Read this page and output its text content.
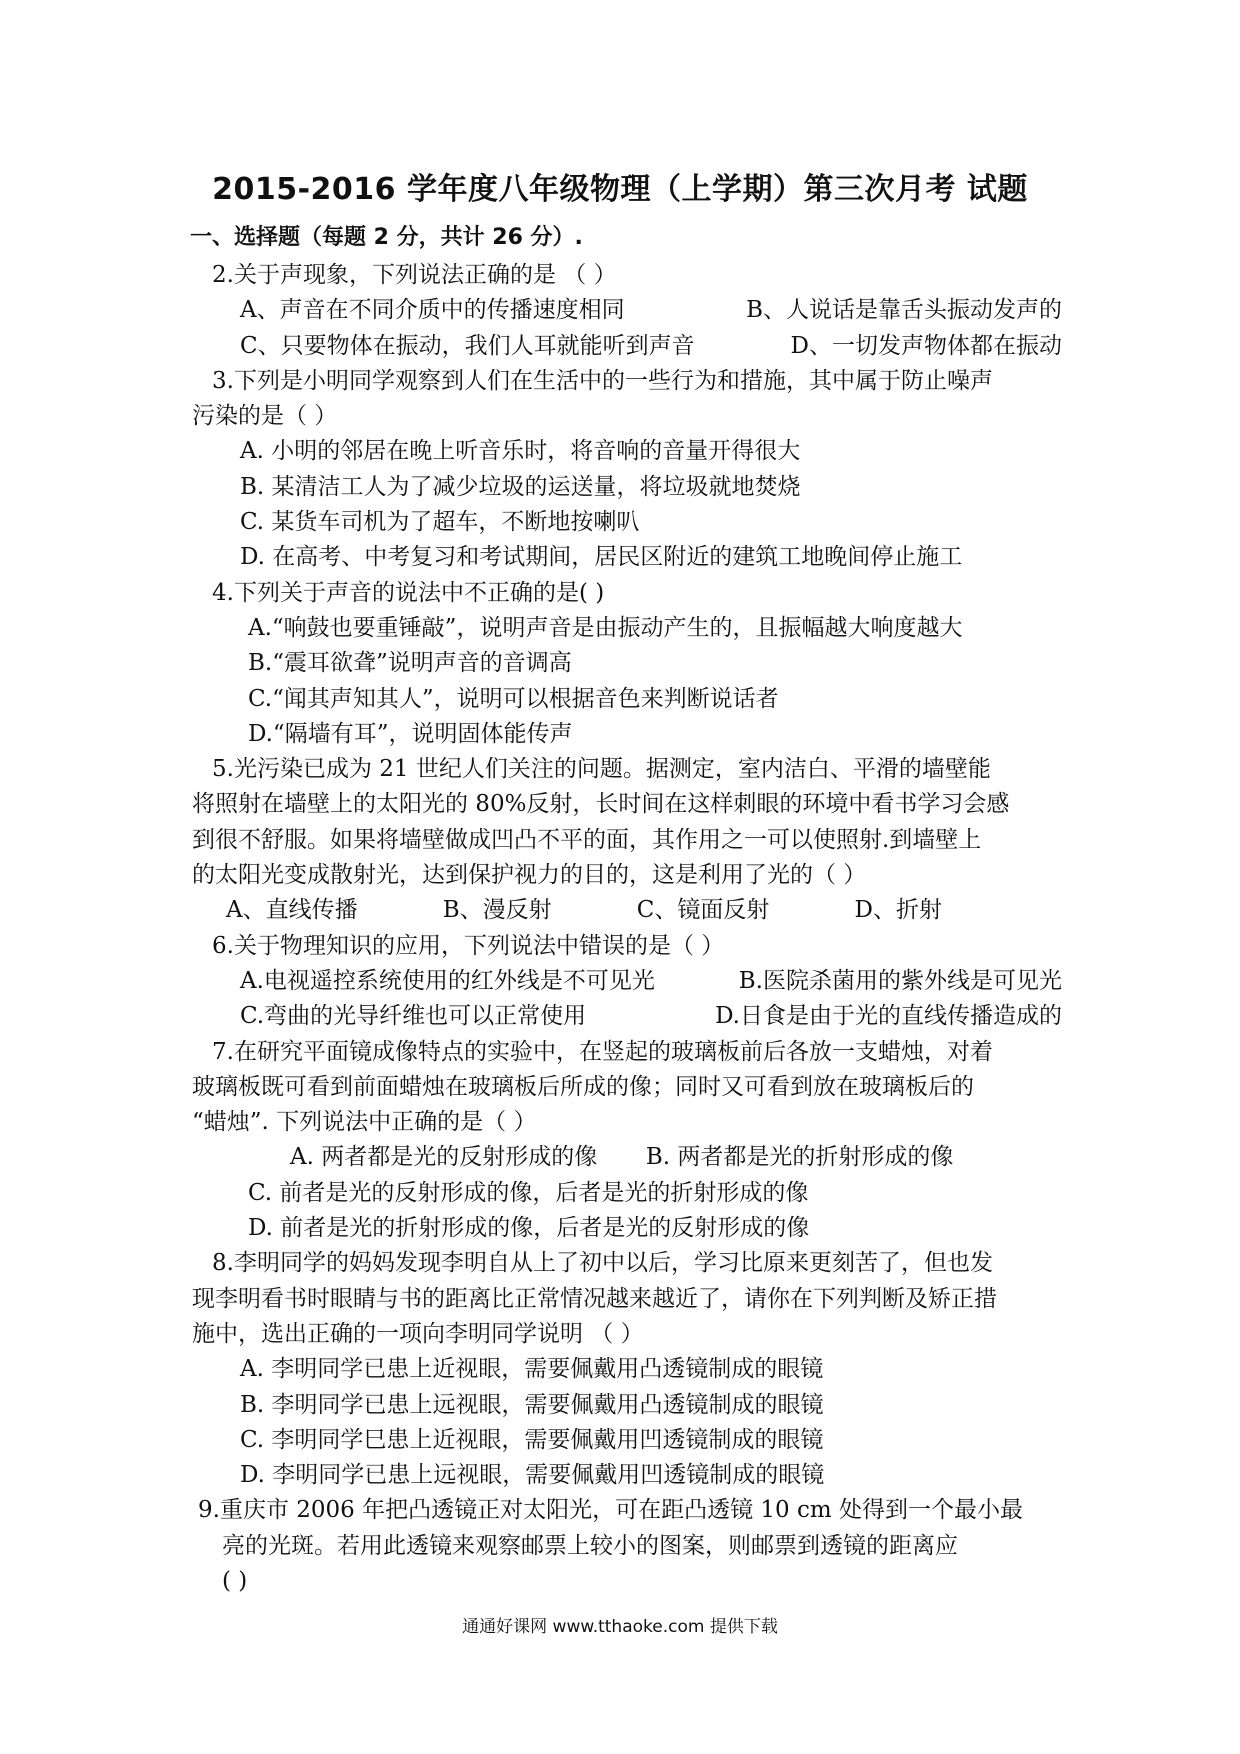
2015-2016 学年度八年级物理（上学期）第三次月考 试题
一、选择题（每题 2 分，共计 26 分）.
2.关于声现象，下列说法正确的是 （ ）
A、声音在不同介质中的传播速度相同	B、人说话是靠舌头振动发声的
C、只要物体在振动，我们人耳就能听到声音	D、一切发声物体都在振动
3.下列是小明同学观察到人们在生活中的一些行为和措施，其中属于防止噪声
污染的是（ ）
A. 小明的邻居在晚上听音乐时，将音响的音量开得很大
B. 某清洁工人为了减少垃圾的运送量，将垃圾就地焚烧
C. 某货车司机为了超车，不断地按喇叭
D. 在高考、中考复习和考试期间，居民区附近的建筑工地晚间停止施工
4.下列关于声音的说法中不正确的是( )
A.“响鼓也要重锤敲”，说明声音是由振动产生的，且振幅越大响度越大
B.“震耳欲聋”说明声音的音调高
C.“闻其声知其人”，说明可以根据音色来判断说话者
D.“隔墙有耳”，说明固体能传声
5.光污染已成为 21 世纪人们关注的问题。据测定，室内洁白、平滑的墙壁能
将照射在墙壁上的太阳光的 80%反射，长时间在这样刺眼的环境中看书学习会感
到很不舒服。如果将墙壁做成凹凸不平的面，其作用之一可以使照射.到墙壁上
的太阳光变成散射光，达到保护视力的目的，这是利用了光的（ ）
A、直线传播	B、漫反射	C、镜面反射	D、折射
6.关于物理知识的应用，下列说法中错误的是（ ）
A.电视遥控系统使用的红外线是不可见光	B.医院杀菌用的紫外线是可见光
C.弯曲的光导纤维也可以正常使用	D.日食是由于光的直线传播造成的
7.在研究平面镜成像特点的实验中，在竖起的玻璃板前后各放一支蜡烛，对着
玻璃板既可看到前面蜡烛在玻璃板后所成的像；同时又可看到放在玻璃板后的
“蜡烛”. 下列说法中正确的是（ ）
A. 两者都是光的反射形成的像 B. 两者都是光的折射形成的像
C. 前者是光的反射形成的像，后者是光的折射形成的像
D. 前者是光的折射形成的像，后者是光的反射形成的像
8.李明同学的妈妈发现李明自从上了初中以后，学习比原来更刻苦了，但也发
现李明看书时眼睛与书的距离比正常情况越来越近了，请你在下列判断及矫正措
施中，选出正确的一项向李明同学说明 （ ）
A. 李明同学已患上近视眼，需要佩戴用凸透镜制成的眼镜
B. 李明同学已患上远视眼，需要佩戴用凸透镜制成的眼镜
C. 李明同学巳患上近视眼，需要佩戴用凹透镜制成的眼镜
D. 李明同学已患上远视眼，需要佩戴用凹透镜制成的眼镜
9.重庆市 2006 年把凸透镜正对太阳光，可在距凸透镜 10 cm 处得到一个最小最
亮的光斑。若用此透镜来观察邮票上较小的图案，则邮票到透镜的距离应
( )
通通好课网 www.tthaoke.com 提供下载
